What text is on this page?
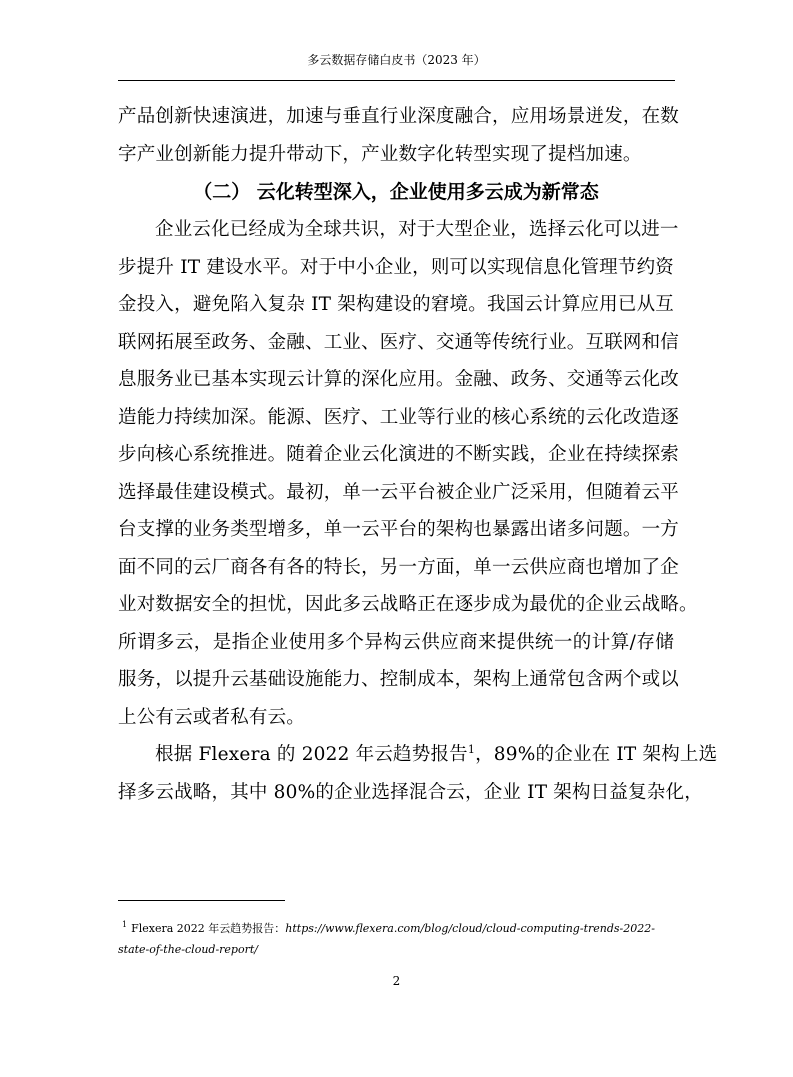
多云数据存储白皮书（2023 年）
产品创新快速演进，加速与垂直行业深度融合，应用场景迸发，在数
字产业创新能力提升带动下，产业数字化转型实现了提档加速。
（二） 云化转型深入，企业使用多云成为新常态
企业云化已经成为全球共识，对于大型企业，选择云化可以进一
步提升 IT 建设水平。对于中小企业，则可以实现信息化管理节约资
金投入，避免陷入复杂 IT 架构建设的窘境。我国云计算应用已从互
联网拓展至政务、金融、工业、医疗、交通等传统行业。互联网和信
息服务业已基本实现云计算的深化应用。金融、政务、交通等云化改
造能力持续加深。能源、医疗、工业等行业的核心系统的云化改造逐
步向核心系统推进。随着企业云化演进的不断实践，企业在持续探索
选择最佳建设模式。最初，单一云平台被企业广泛采用，但随着云平
台支撑的业务类型增多，单一云平台的架构也暴露出诸多问题。一方
面不同的云厂商各有各的特长，另一方面，单一云供应商也增加了企
业对数据安全的担忧，因此多云战略正在逐步成为最优的企业云战略。
所谓多云，是指企业使用多个异构云供应商来提供统一的计算/存储
服务，以提升云基础设施能力、控制成本，架构上通常包含两个或以
上公有云或者私有云。
根据 Flexera 的 2022 年云趋势报告$^1$，89%的企业在 IT 架构上选
择多云战略，其中 80%的企业选择混合云，企业 IT 架构日益复杂化，
$^1$ Flexera 2022 年云趋势报告：https://www.flexera.com/blog/cloud/cloud-computing-trends-2022-state-of-the-cloud-report/
2
